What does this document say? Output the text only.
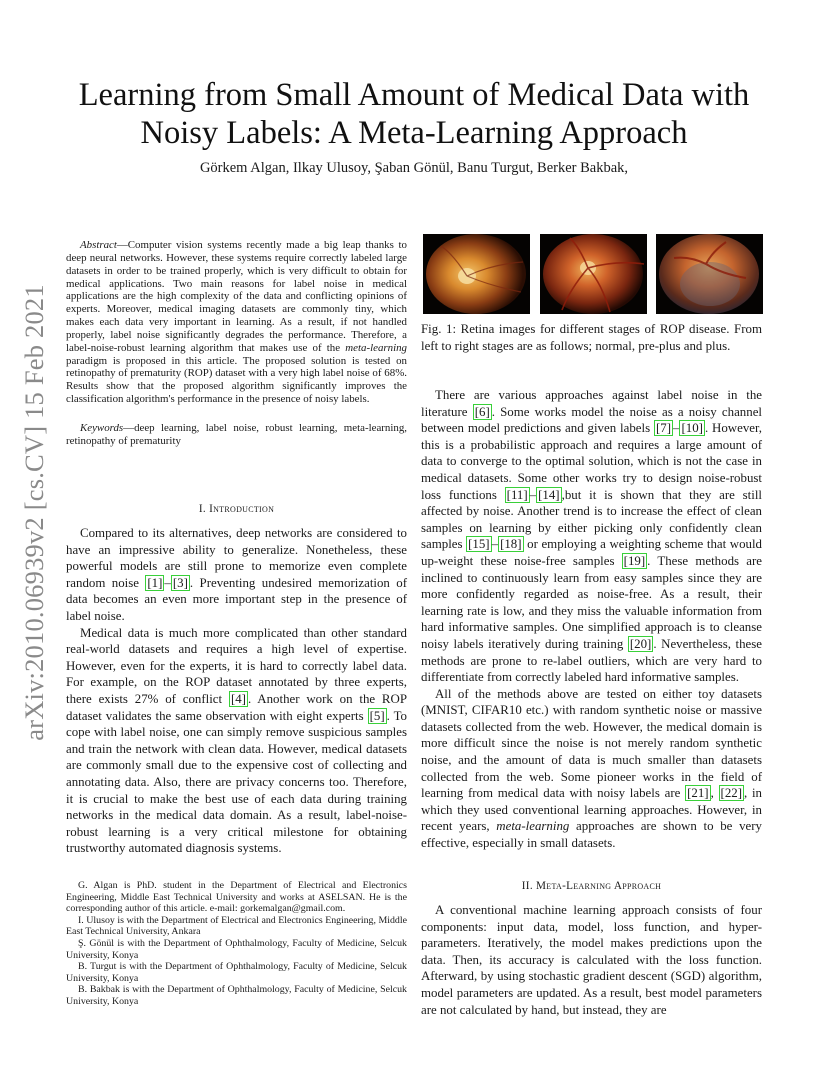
arXiv:2010.06939v2 [cs.CV] 15 Feb 2021
Learning from Small Amount of Medical Data with Noisy Labels: A Meta-Learning Approach
Görkem Algan, Ilkay Ulusoy, Şaban Gönül, Banu Turgut, Berker Bakbak,

Abstract—Computer vision systems recently made a big leap thanks to deep neural networks. However, these systems require correctly labeled large datasets in order to be trained properly, which is very difficult to obtain for medical applications. Two main reasons for label noise in medical applications are the high complexity of the data and conflicting opinions of experts. Moreover, medical imaging datasets are commonly tiny, which makes each data very important in learning. As a result, if not handled properly, label noise significantly degrades the performance. Therefore, a label-noise-robust learning algorithm that makes use of the meta-learning paradigm is proposed in this article. The proposed solution is tested on retinopathy of prematurity (ROP) dataset with a very high label noise of 68%. Results show that the proposed algorithm significantly improves the classification algorithm's performance in the presence of noisy labels.

Keywords—deep learning, label noise, robust learning, meta-learning, retinopathy of prematurity

I. Introduction

Compared to its alternatives, deep networks are considered to have an impressive ability to generalize. Nonetheless, these powerful models are still prone to memorize even complete random noise [1] – [3] . Preventing undesired memorization of data becomes an even more important step in the presence of label noise.

Medical data is much more complicated than other standard real-world datasets and requires a high level of expertise. However, even for the experts, it is hard to correctly label data. For example, on the ROP dataset annotated by three experts, there exists 27% of conflict [4] . Another work on the ROP dataset validates the same observation with eight experts [5] . To cope with label noise, one can simply remove suspicious samples and train the network with clean data. However, medical datasets are commonly small due to the expensive cost of collecting and annotating data. Also, there are privacy concerns too. Therefore, it is crucial to make the best use of each data during training networks in the medical data domain. As a result, label-noise-robust learning is a very critical milestone for obtaining trustworthy automated diagnosis systems.

G. Algan is PhD. student in the Department of Electrical and Electronics Engineering, Middle East Technical University and works at ASELSAN. He is the corresponding author of this article. e-mail: gorkemalgan@gmail.com.

I. Ulusoy is with the Department of Electrical and Electronics Engineering, Middle East Technical University, Ankara

Ş. Gönül is with the Department of Ophthalmology, Faculty of Medicine, Selcuk University, Konya

B. Turgut is with the Department of Ophthalmology, Faculty of Medicine, Selcuk University, Konya

B. Bakbak is with the Department of Ophthalmology, Faculty of Medicine, Selcuk University, Konya

Fig. 1: Retina images for different stages of ROP disease. From left to right stages are as follows; normal, pre-plus and plus.

There are various approaches against label noise in the literature [6] . Some works model the noise as a noisy channel between model predictions and given labels [7] – [10] . However, this is a probabilistic approach and requires a large amount of data to converge to the optimal solution, which is not the case in medical datasets. Some other works try to design noise-robust loss functions [11] – [14] ,but it is shown that they are still affected by noise. Another trend is to increase the effect of clean samples on learning by either picking only confidently clean samples [15] – [18] or employing a weighting scheme that would up-weight these noise-free samples [19] . These methods are inclined to continuously learn from easy samples since they are more confidently regarded as noise-free. As a result, their learning rate is low, and they miss the valuable information from hard informative samples. One simplified approach is to cleanse noisy labels iteratively during training [20] . Nevertheless, these methods are prone to re-label outliers, which are very hard to differentiate from correctly labeled hard informative samples.

All of the methods above are tested on either toy datasets (MNIST, CIFAR10 etc.) with random synthetic noise or massive datasets collected from the web. However, the medical domain is more difficult since the noise is not merely random synthetic noise, and the amount of data is much smaller than datasets collected from the web. Some pioneer works in the field of learning from medical data with noisy labels are [21] , [22] , in which they used conventional learning approaches. However, in recent years, meta-learning approaches are shown to be very effective, especially in small datasets.

II. Meta-Learning Approach

A conventional machine learning approach consists of four components: input data, model, loss function, and hyper-parameters. Iteratively, the model makes predictions upon the data. Then, its accuracy is calculated with the loss function. Afterward, by using stochastic gradient descent (SGD) algorithm, model parameters are updated. As a result, best model parameters are not calculated by hand, but instead, they are
